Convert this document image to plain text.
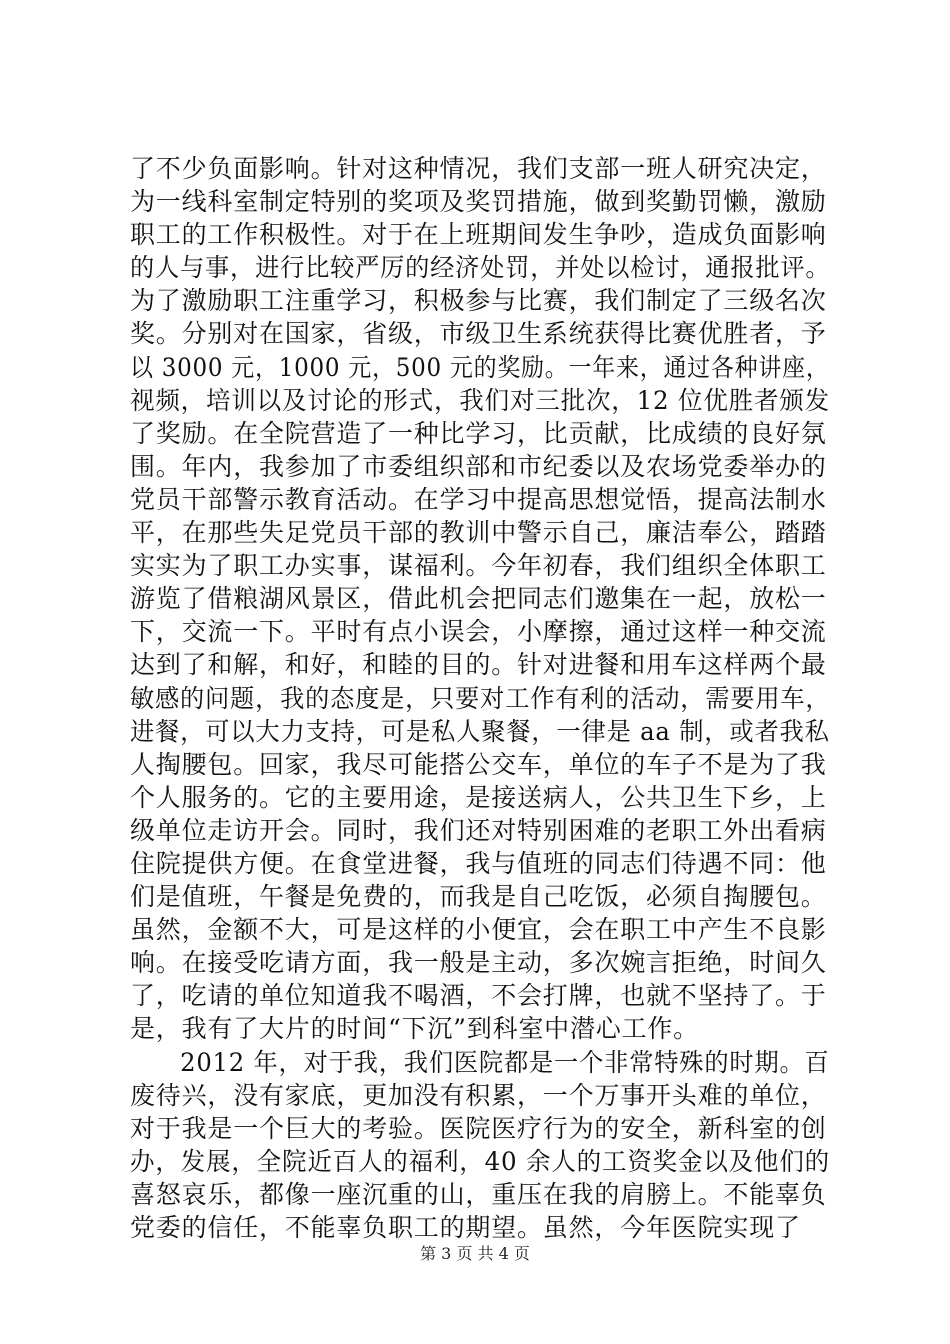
了不少负面影响。针对这种情况，我们支部一班人研究决定，
为一线科室制定特别的奖项及奖罚措施，做到奖勤罚懒，激励
职工的工作积极性。对于在上班期间发生争吵，造成负面影响
的人与事，进行比较严厉的经济处罚，并处以检讨，通报批评。
为了激励职工注重学习，积极参与比赛，我们制定了三级名次
奖。分别对在国家，省级，市级卫生系统获得比赛优胜者，予
以 3000 元，1000 元，500 元的奖励。一年来，通过各种讲座，
视频，培训以及讨论的形式，我们对三批次，12 位优胜者颁发
了奖励。在全院营造了一种比学习，比贡献，比成绩的良好氛
围。年内，我参加了市委组织部和市纪委以及农场党委举办的
党员干部警示教育活动。在学习中提高思想觉悟，提高法制水
平，在那些失足党员干部的教训中警示自己，廉洁奉公，踏踏
实实为了职工办实事，谋福利。今年初春，我们组织全体职工
游览了借粮湖风景区，借此机会把同志们邀集在一起，放松一
下，交流一下。平时有点小误会，小摩擦，通过这样一种交流
达到了和解，和好，和睦的目的。针对进餐和用车这样两个最
敏感的问题，我的态度是，只要对工作有利的活动，需要用车，
进餐，可以大力支持，可是私人聚餐，一律是 aa 制，或者我私
人掏腰包。回家，我尽可能搭公交车，单位的车子不是为了我
个人服务的。它的主要用途，是接送病人，公共卫生下乡，上
级单位走访开会。同时，我们还对特别困难的老职工外出看病
住院提供方便。在食堂进餐，我与值班的同志们待遇不同：他
们是值班，午餐是免费的，而我是自己吃饭，必须自掏腰包。
虽然，金额不大，可是这样的小便宜，会在职工中产生不良影
响。在接受吃请方面，我一般是主动，多次婉言拒绝，时间久
了，吃请的单位知道我不喝酒，不会打牌，也就不坚持了。于
是，我有了大片的时间“下沉”到科室中潜心工作。
　　2012 年，对于我，我们医院都是一个非常特殊的时期。百
废待兴，没有家底，更加没有积累，一个万事开头难的单位，
对于我是一个巨大的考验。医院医疗行为的安全，新科室的创
办，发展，全院近百人的福利，40 余人的工资奖金以及他们的
喜怒哀乐，都像一座沉重的山，重压在我的肩膀上。不能辜负
党委的信任，不能辜负职工的期望。虽然，今年医院实现了
第 3 页 共 4 页
